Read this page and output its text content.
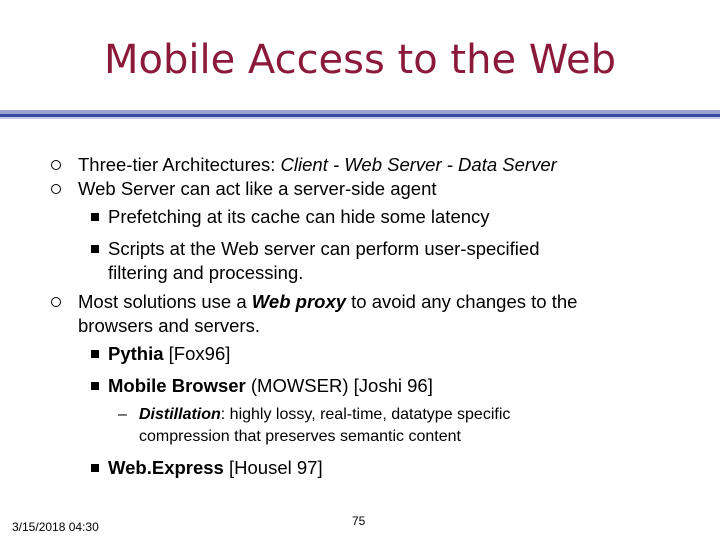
Mobile Access to the Web
Three-tier Architectures: Client - Web Server - Data Server
Web Server can act like a server-side agent
Prefetching at its cache can hide some latency
Scripts at the Web server can perform user-specified
filtering and processing.
Most solutions use a Web proxy to avoid any changes to the
browsers and servers.
Pythia [Fox96]
Mobile Browser (MOWSER) [Joshi 96]
– Distillation: highly lossy, real-time, datatype specific
compression that preserves semantic content
Web.Express [Housel 97]
3/15/2018 04:30	75
